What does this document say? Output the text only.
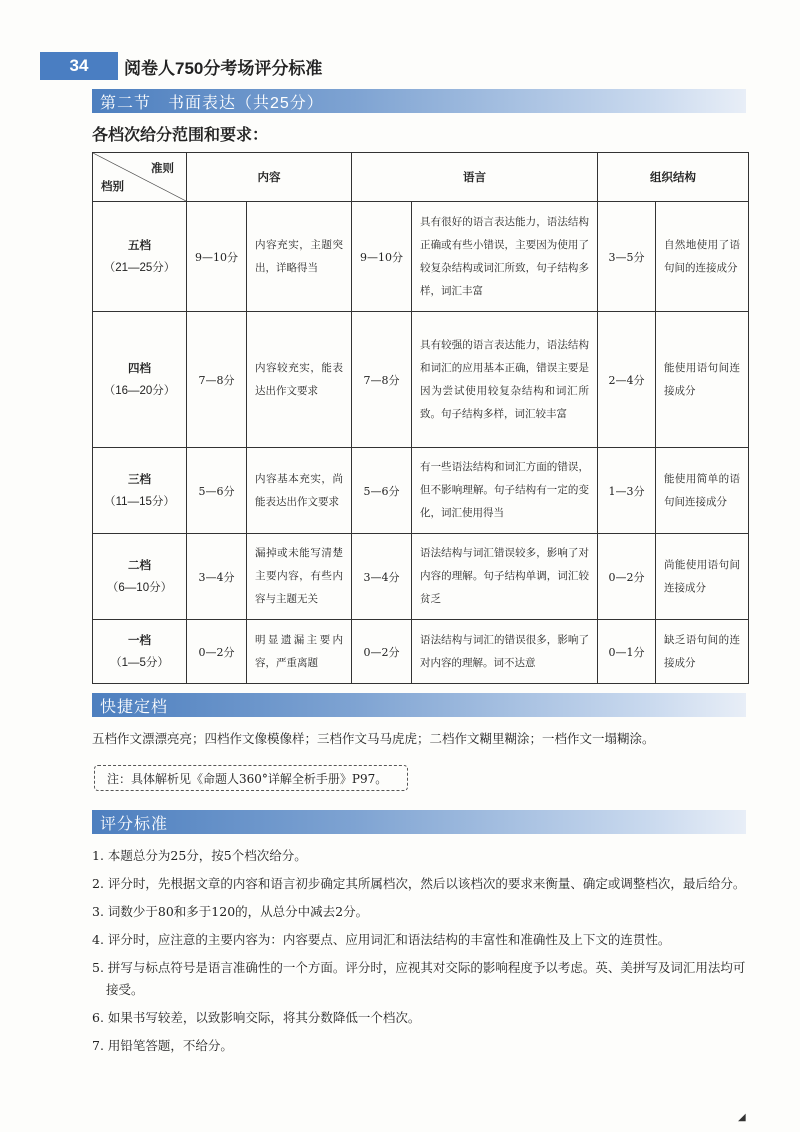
34	阅卷人750分考场评分标准
第二节　书面表达（共25分）
各档次给分范围和要求：
准则
档别	内容		语言		组织结构	

五档
（21—25分）	9—10分	内容充实，主题突出，详略得当	9—10分	具有很好的语言表达能力，语法结构正确或有些小错误，主要因为使用了较复杂结构或词汇所致，句子结构多样，词汇丰富	3—5分	自然地使用了语句间的连接成分

四档
（16—20分）	7—8分	内容较充实，能表达出作文要求	7—8分	具有较强的语言表达能力，语法结构和词汇的应用基本正确，错误主要是因为尝试使用较复杂结构和词汇所致。句子结构多样，词汇较丰富	2—4分	能使用语句间连接成分

三档
（11—15分）	5—6分	内容基本充实，尚能表达出作文要求	5—6分	有一些语法结构和词汇方面的错误，但不影响理解。句子结构有一定的变化，词汇使用得当	1—3分	能使用简单的语句间连接成分

二档
（6—10分）	3—4分	漏掉或未能写清楚主要内容，有些内容与主题无关	3—4分	语法结构与词汇错误较多，影响了对内容的理解。句子结构单调，词汇较贫乏	0—2分	尚能使用语句间连接成分

一档
（1—5分）	0—2分	明显遗漏主要内容，严重离题	0—2分	语法结构与词汇的错误很多，影响了对内容的理解。词不达意	0—1分	缺乏语句间的连接成分
快捷定档
五档作文漂漂亮亮；四档作文像模像样；三档作文马马虎虎；二档作文糊里糊涂；一档作文一塌糊涂。
注：具体解析见《命题人360°详解全析手册》P97。
评分标准
1. 本题总分为25分，按5个档次给分。
2. 评分时，先根据文章的内容和语言初步确定其所属档次，然后以该档次的要求来衡量、确定或调整档次，最后给分。
3. 词数少于80和多于120的，从总分中减去2分。
4. 评分时，应注意的主要内容为：内容要点、应用词汇和语法结构的丰富性和准确性及上下文的连贯性。
5. 拼写与标点符号是语言准确性的一个方面。评分时，应视其对交际的影响程度予以考虑。英、美拼写及词汇用法均可接受。
6. 如果书写较差，以致影响交际，将其分数降低一个档次。
7. 用铅笔答题，不给分。
◢
